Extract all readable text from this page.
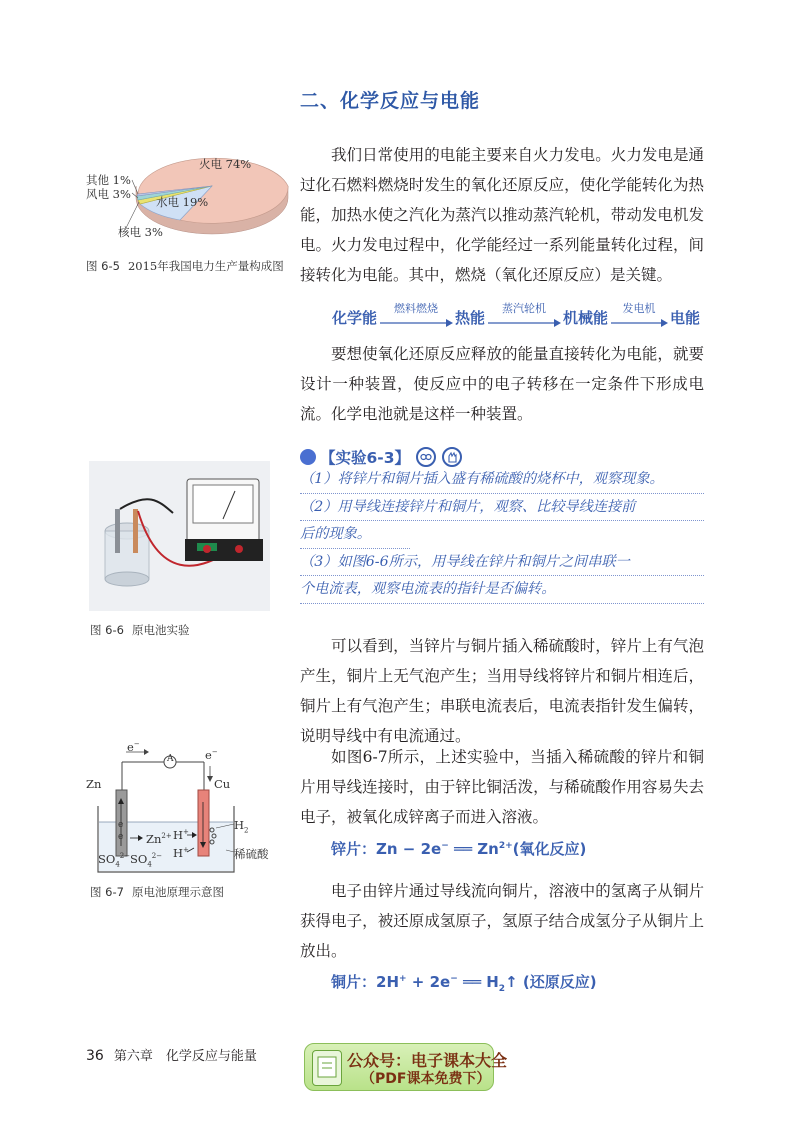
二、化学反应与电能
火电 74%
水电 19%
核电 3%
风电 3%
其他 1%
图 6-5 2015年我国电力生产量构成图

我们日常使用的电能主要来自火力发电。火力发电是通过化石燃料燃烧时发生的氧化还原反应，使化学能转化为热能，加热水使之汽化为蒸汽以推动蒸汽轮机，带动发电机发电。火力发电过程中，化学能经过一系列能量转化过程，间接转化为电能。其中，燃烧（氧化还原反应）是关键。

化学能
燃料燃烧
热能
蒸汽轮机
机械能
发电机
电能

要想使氧化还原反应释放的能量直接转化为电能，就要设计一种装置，使反应中的电子转移在一定条件下形成电流。化学电池就是这样一种装置。

【实验6-3】
（1）将锌片和铜片插入盛有稀硫酸的烧杯中，观察现象。
（2）用导线连接锌片和铜片，观察、比较导线连接前
后的现象。
（3）如图6-6所示，用导线在锌片和铜片之间串联一
个电流表，观察电流表的指针是否偏转。
图 6-6 原电池实验

可以看到，当锌片与铜片插入稀硫酸时，锌片上有气泡产生，铜片上无气泡产生；当用导线将锌片和铜片相连后，铜片上有气泡产生；串联电流表后，电流表指针发生偏转，说明导线中有电流通过。

e−
A	e−
Zn	Cu
$H_2$
$Zn^{2+}$ H+
H+
e
e
稀硫酸
$SO_4^{2-}$ $SO_4^{2-}$
图 6-7 原电池原理示意图

如图6-7所示，上述实验中，当插入稀硫酸的锌片和铜片用导线连接时，由于锌比铜活泼，与稀硫酸作用容易失去电子，被氧化成锌离子而进入溶液。

锌片：Zn − 2e− ══ $Zn^{2+}$(氧化反应)

电子由锌片通过导线流向铜片，溶液中的氢离子从铜片获得电子，被还原成氢原子，氢原子结合成氢分子从铜片上放出。

铜片：2H+ + 2e− ══ $H_2↑$ (还原反应)
36 第六章　化学反应与能量	公众号：电子课本大全
（PDF课本免费下）
